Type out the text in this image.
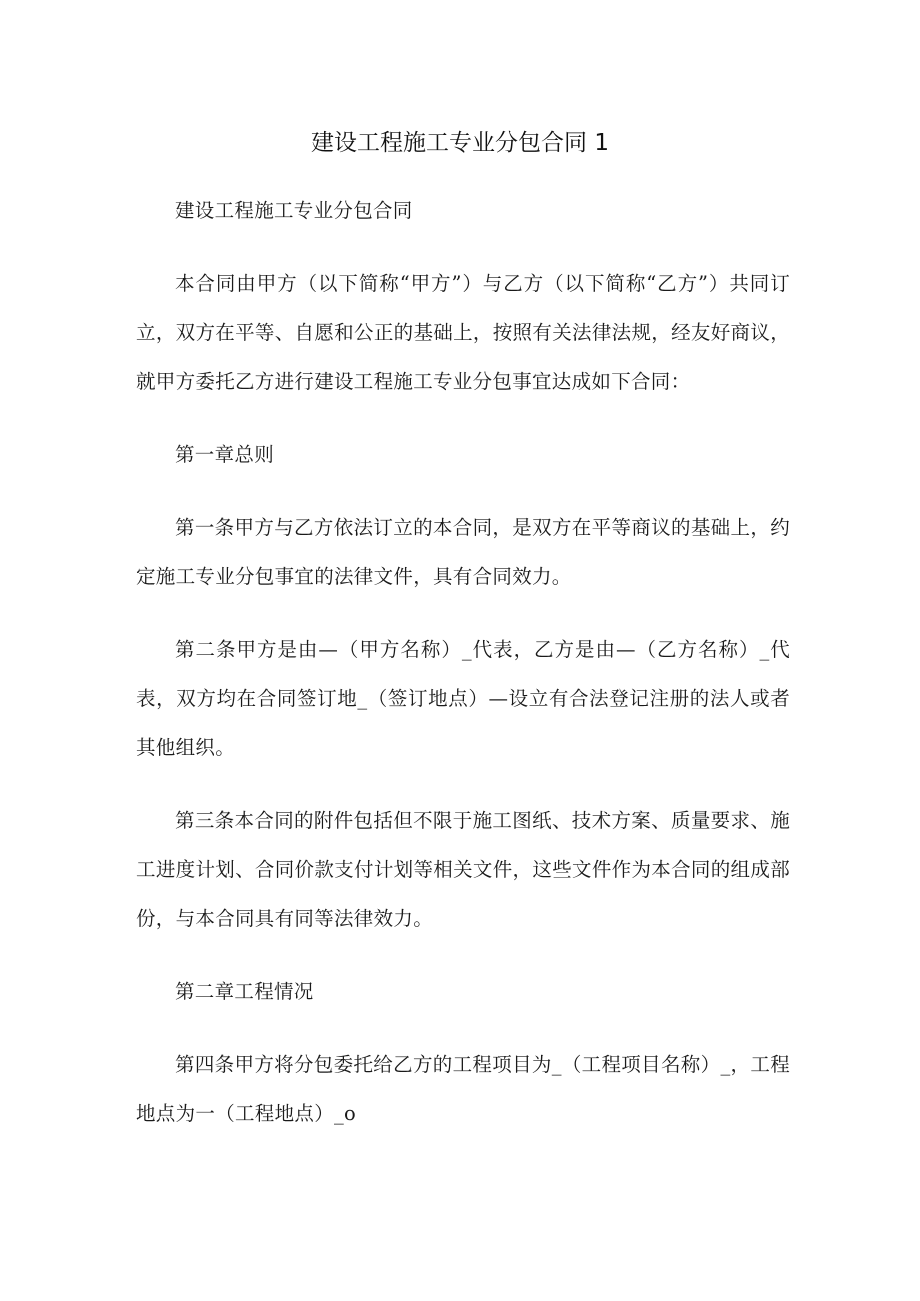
建设工程施工专业分包合同 1

建设工程施工专业分包合同

本合同由甲方（以下简称“甲方”）与乙方（以下简称“乙方”）共同订立，双方在平等、自愿和公正的基础上，按照有关法律法规，经友好商议，就甲方委托乙方进行建设工程施工专业分包事宜达成如下合同：

第一章总则

第一条甲方与乙方依法订立的本合同，是双方在平等商议的基础上，约定施工专业分包事宜的法律文件，具有合同效力。

第二条甲方是由—（甲方名称）_代表，乙方是由—（乙方名称）_代表，双方均在合同签订地_（签订地点）—设立有合法登记注册的法人或者其他组织。

第三条本合同的附件包括但不限于施工图纸、技术方案、质量要求、施工进度计划、合同价款支付计划等相关文件，这些文件作为本合同的组成部份，与本合同具有同等法律效力。

第二章工程情况

第四条甲方将分包委托给乙方的工程项目为_（工程项目名称）_，工程地点为一（工程地点）_o
